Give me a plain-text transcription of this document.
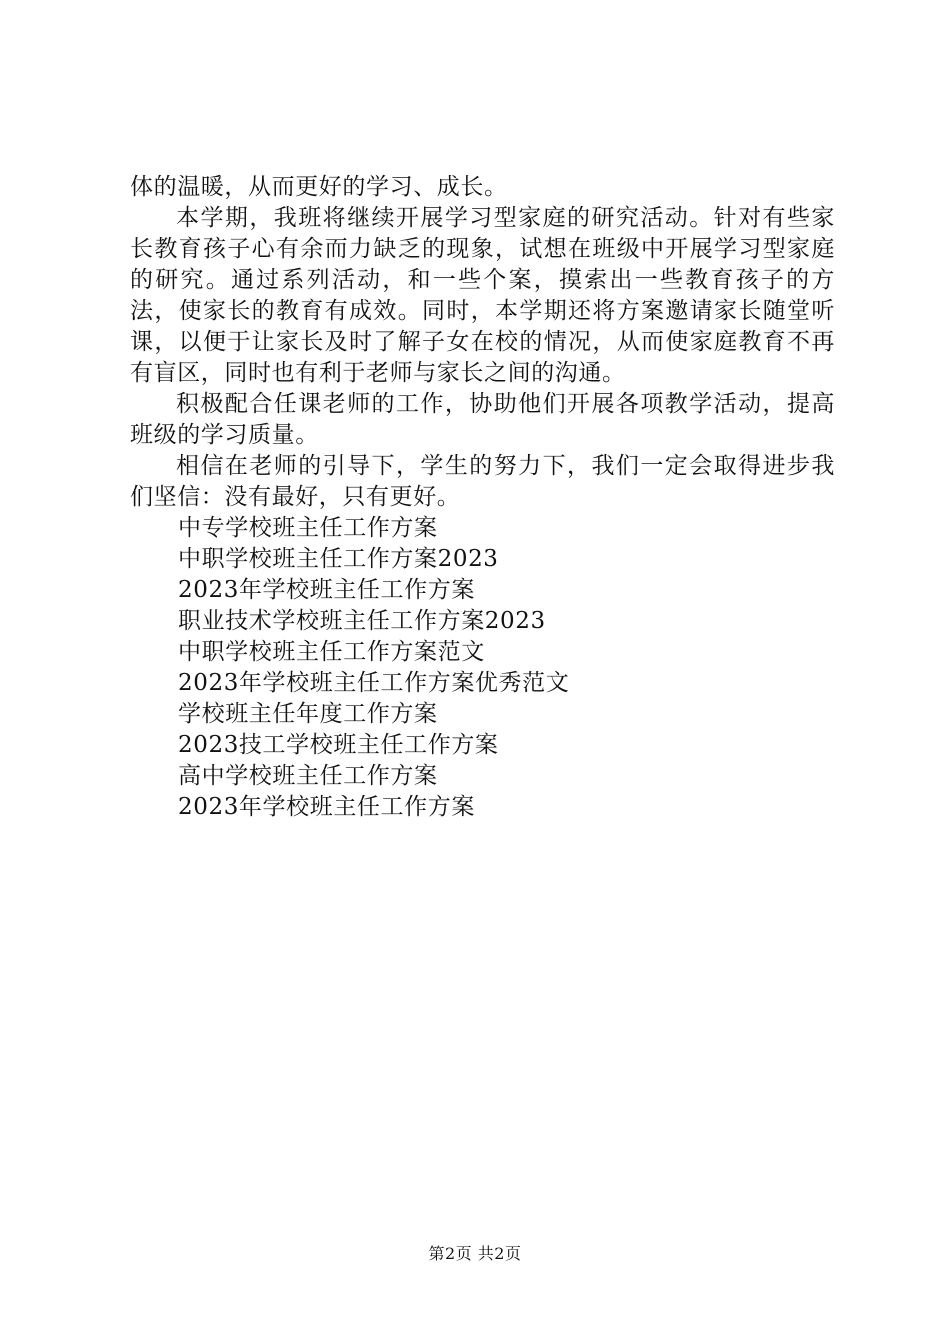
体的温暖，从而更好的学习、成长。

本学期，我班将继续开展学习型家庭的研究活动。针对有些家长教育孩子心有余而力缺乏的现象，试想在班级中开展学习型家庭的研究。通过系列活动，和一些个案，摸索出一些教育孩子的方法，使家长的教育有成效。同时，本学期还将方案邀请家长随堂听课，以便于让家长及时了解子女在校的情况，从而使家庭教育不再有盲区，同时也有利于老师与家长之间的沟通。

积极配合任课老师的工作，协助他们开展各项教学活动，提高班级的学习质量。

相信在老师的引导下，学生的努力下，我们一定会取得进步我们坚信：没有最好，只有更好。

中专学校班主任工作方案
中职学校班主任工作方案2023
2023年学校班主任工作方案
职业技术学校班主任工作方案2023
中职学校班主任工作方案范文
2023年学校班主任工作方案优秀范文
学校班主任年度工作方案
2023技工学校班主任工作方案
高中学校班主任工作方案
2023年学校班主任工作方案
第2页 共2页
